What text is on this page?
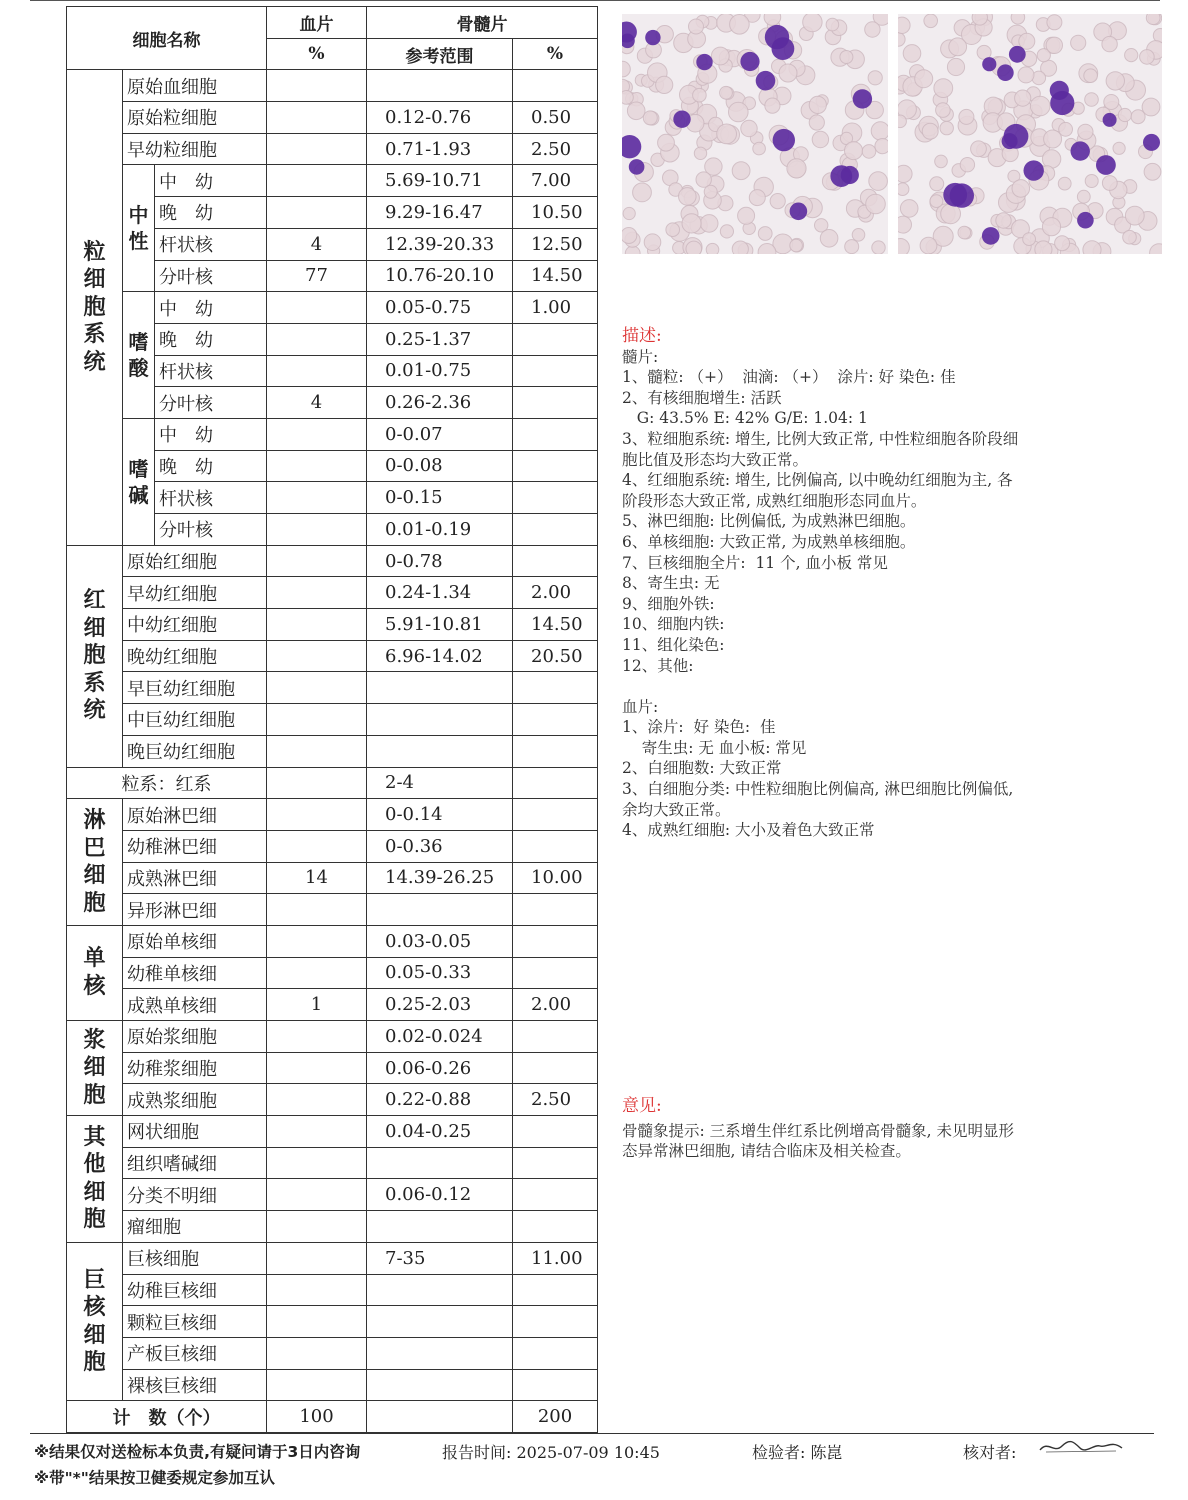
细胞名称			血片	骨髓片	
			%	参考范围	%
粒细胞系统	原始血细胞				
	原始粒细胞			0.12-0.76	0.50
	早幼粒细胞			0.71-1.93	2.50
	中性	中　幼		5.69-10.71	7.00
		晚　幼		9.29-16.47	10.50
		杆状核	4	12.39-20.33	12.50
		分叶核	77	10.76-20.10	14.50
	嗜酸	中　幼		0.05-0.75	1.00
		晚　幼		0.25-1.37	
		杆状核		0.01-0.75	
		分叶核	4	0.26-2.36	
	嗜碱	中　幼		0-0.07	
		晚　幼		0-0.08	
		杆状核		0-0.15	
		分叶核		0.01-0.19	
红细胞系统	原始红细胞			0-0.78	
	早幼红细胞			0.24-1.34	2.00
	中幼红细胞			5.91-10.81	14.50
	晚幼红细胞			6.96-14.02	20.50
	早巨幼红细胞				
	中巨幼红细胞				
	晚巨幼红细胞				
粒系：红系				2-4	
淋巴细胞	原始淋巴细			0-0.14	
	幼稚淋巴细			0-0.36	
	成熟淋巴细		14	14.39-26.25	10.00
	异形淋巴细				
单核	原始单核细			0.03-0.05	
	幼稚单核细			0.05-0.33	
	成熟单核细		1	0.25-2.03	2.00
浆细胞	原始浆细胞			0.02-0.024	
	幼稚浆细胞			0.06-0.26	
	成熟浆细胞			0.22-0.88	2.50
其他细胞	网状细胞			0.04-0.25	
	组织嗜碱细				
	分类不明细			0.06-0.12	
	瘤细胞				
巨核细胞	巨核细胞			7-35	11.00
	幼稚巨核细				
	颗粒巨核细				
	产板巨核细				
	裸核巨核细				
计　数（个）			100		200
描述:
髓片:
1、髓粒: （+）  油滴: （+）  涂片: 好 染色: 佳
2、有核细胞增生: 活跃
G: 43.5% E: 42% G/E: 1.04: 1
3、粒细胞系统: 增生, 比例大致正常, 中性粒细胞各阶段细
胞比值及形态均大致正常。
4、红细胞系统: 增生, 比例偏高, 以中晚幼红细胞为主, 各
阶段形态大致正常, 成熟红细胞形态同血片。
5、淋巴细胞: 比例偏低, 为成熟淋巴细胞。
6、单核细胞: 大致正常, 为成熟单核细胞。
7、巨核细胞全片:  11 个, 血小板 常见
8、寄生虫: 无
9、细胞外铁:
10、细胞内铁:
11、组化染色:
12、其他:
血片:
1、涂片:  好 染色:  佳
寄生虫: 无 血小板: 常见
2、白细胞数: 大致正常
3、白细胞分类: 中性粒细胞比例偏高, 淋巴细胞比例偏低,
余均大致正常。
4、成熟红细胞: 大小及着色大致正常
意见:
骨髓象提示: 三系增生伴红系比例增高骨髓象, 未见明显形
态异常淋巴细胞, 请结合临床及相关检查。
※结果仅对送检标本负责,有疑问请于3日内咨询
※带"*"结果按卫健委规定参加互认
报告时间: 2025-07-09 10:45	检验者: 陈崑	核对者:
